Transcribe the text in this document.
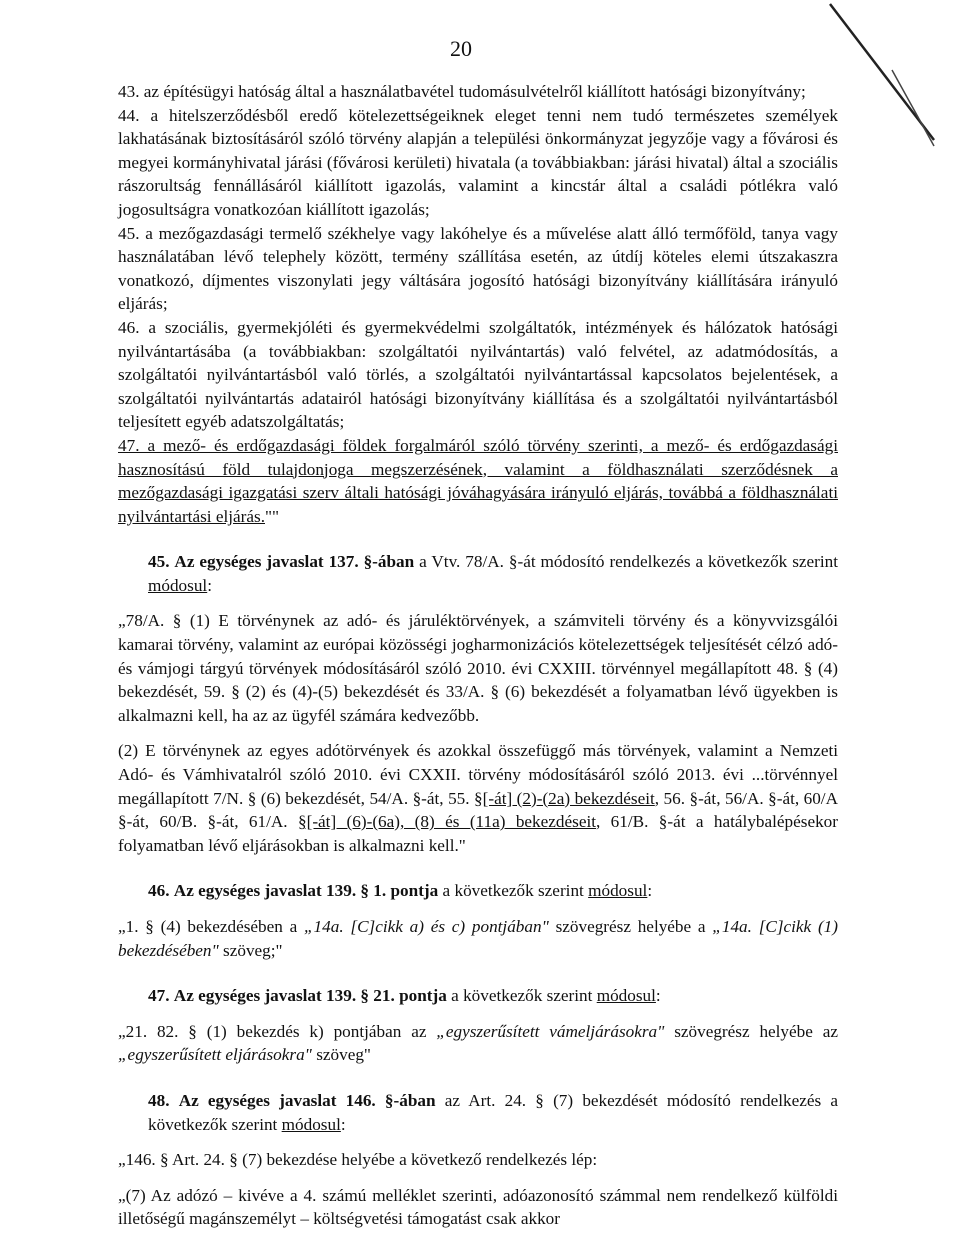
20

43. az építésügyi hatóság által a használatbavétel tudomásulvételről kiállított hatósági bizonyítvány;

44. a hitelszerződésből eredő kötelezettségeiknek eleget tenni nem tudó természetes személyek lakhatásának biztosításáról szóló törvény alapján a települési önkormányzat jegyzője vagy a fővárosi és megyei kormányhivatal járási (fővárosi kerületi) hivatala (a továbbiakban: járási hivatal) által a szociális rászorultság fennállásáról kiállított igazolás, valamint a kincstár által a családi pótlékra való jogosultságra vonatkozóan kiállított igazolás;

45. a mezőgazdasági termelő székhelye vagy lakóhelye és a művelése alatt álló termőföld, tanya vagy használatában lévő telephely között, termény szállítása esetén, az útdíj köteles elemi útszakaszra vonatkozó, díjmentes viszonylati jegy váltására jogosító hatósági bizonyítvány kiállítására irányuló eljárás;

46. a szociális, gyermekjóléti és gyermekvédelmi szolgáltatók, intézmények és hálózatok hatósági nyilvántartásába (a továbbiakban: szolgáltatói nyilvántartás) való felvétel, az adatmódosítás, a szolgáltatói nyilvántartásból való törlés, a szolgáltatói nyilvántartással kapcsolatos bejelentések, a szolgáltatói nyilvántartás adatairól hatósági bizonyítvány kiállítása és a szolgáltatói nyilvántartásból teljesített egyéb adatszolgáltatás;

47. a mező- és erdőgazdasági földek forgalmáról szóló törvény szerinti, a mező- és erdőgazdasági hasznosítású föld tulajdonjoga megszerzésének, valamint a földhasználati szerződésnek a mezőgazdasági igazgatási szerv általi hatósági jóváhagyására irányuló eljárás, továbbá a földhasználati nyilvántartási eljárás.""

45. Az egységes javaslat 137. §-ában a Vtv. 78/A. §-át módosító rendelkezés a következők szerint módosul:

„78/A. § (1) E törvénynek az adó- és járuléktörvények, a számviteli törvény és a könyvvizsgálói kamarai törvény, valamint az európai közösségi jogharmonizációs kötelezettségek teljesítését célzó adó- és vámjogi tárgyú törvények módosításáról szóló 2010. évi CXXIII. törvénnyel megállapított 48. § (4) bekezdését, 59. § (2) és (4)-(5) bekezdését és 33/A. § (6) bekezdését a folyamatban lévő ügyekben is alkalmazni kell, ha az az ügyfél számára kedvezőbb.

(2) E törvénynek az egyes adótörvények és azokkal összefüggő más törvények, valamint a Nemzeti Adó- és Vámhivatalról szóló 2010. évi CXXII. törvény módosításáról szóló 2013. évi ...törvénnyel megállapított 7/N. § (6) bekezdését, 54/A. §-át, 55. §[-át] (2)-(2a) bekezdéseit, 56. §-át, 56/A. §-át, 60/A §-át, 60/B. §-át, 61/A. §[-át] (6)-(6a), (8) és (11a) bekezdéseit, 61/B. §-át a hatálybalépésekor folyamatban lévő eljárásokban is alkalmazni kell."

46. Az egységes javaslat 139. § 1. pontja a következők szerint módosul:

„1. § (4) bekezdésében a „14a. [C]cikk a) és c) pontjában" szövegrész helyébe a „14a. [C]cikk (1) bekezdésében" szöveg;"

47. Az egységes javaslat 139. § 21. pontja a következők szerint módosul:

„21. 82. § (1) bekezdés k) pontjában az „egyszerűsített vámeljárásokra" szövegrész helyébe az „egyszerűsített eljárásokra" szöveg"

48. Az egységes javaslat 146. §-ában az Art. 24. § (7) bekezdését módosító rendelkezés a következők szerint módosul:

„146. § Art. 24. § (7) bekezdése helyébe a következő rendelkezés lép:

„(7) Az adózó – kivéve a 4. számú melléklet szerinti, adóazonosító számmal nem rendelkező külföldi illetőségű magánszemélyt – költségvetési támogatást csak akkor
